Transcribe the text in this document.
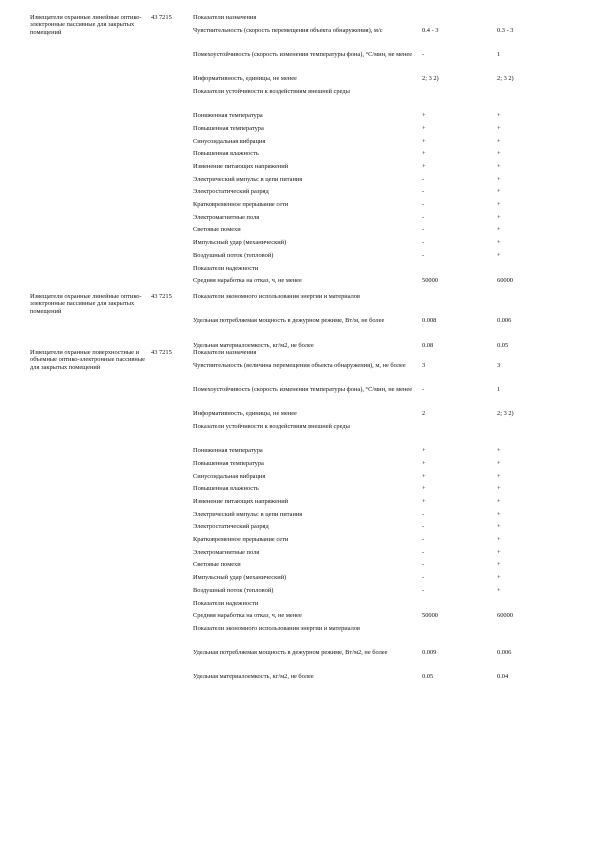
Извещатели охранные линейные оптико-электронные пассивные для закрытых помещений
43 7215	Показатели назначения
Чувствительность (скорость перемещения объекта обнаружения), м/с	0.4 - 3	0.3 - 3
Помехоустойчивость (скорость изменения температуры фона), °С/мин, не менее	-	1
Информативность, единицы, не менее	2; 3 2)	2; 3 2)
Показатели устойчивости к воздействиям внешней среды
Пониженная температура	+	+
Повышенная температура	+	+
Синусоидальная вибрация	+	+
Повышенная влажность	+	+
Изменение питающих напряжений	+	+
Электрический импульс в цепи питания	-	+
Электростатический разряд	-	+
Кратковременное прерывание сети	-	+
Электромагнитные поля	-	+
Световые помехи	-	+
Импульсный удар (механический)	-	+
Воздушный поток (тепловой)	-	+
Показатели надежности
Средняя наработка на отказ, ч, не менее	50000	60000
Извещатели охранные линейные оптико-электронные пассивные для закрытых помещений
43 7215	Показатели экономного использования энергии и материалов
Удельная потребляемая мощность в дежурном режиме, Вт/м, не более	0.008	0.006
Удельная материалоемкость, кг/м2, не более	0.08	0.05
Извещатели охранные поверхностные и объемные оптико-электронные пассивные для закрытых помещений
43 7215	Показатели назначения
Чувствительность (величина перемещения объекта обнаружения), м, не более	3	3
Помехоустойчивость (скорость изменения температуры фона), °С/мин, не менее	-	1
Информативность, единицы, не менее	2	2; 3 2)
Показатели устойчивости к воздействиям внешней среды
Пониженная температура	+	+
Повышенная температура	+	+
Синусоидальная вибрация	+	+
Повышенная влажность	+	+
Изменение питающих напряжений	+	+
Электрический импульс в цепи питания	-	+
Электростатический разряд	-	+
Кратковременное прерывание сети	-	+
Электромагнитные поля	-	+
Световые помехи	-	+
Импульсный удар (механический)	-	+
Воздушный поток (тепловой)	-	+
Показатели надежности
Средняя наработка на отказ, ч, не менее	50000	60000
Показатели экономного использования энергии и материалов
Удельная потребляемая мощность в дежурном режиме, Вт/м2, не более	0.009	0.006
Удельная материалоемкость, кг/м2, не более	0.05	0.04
